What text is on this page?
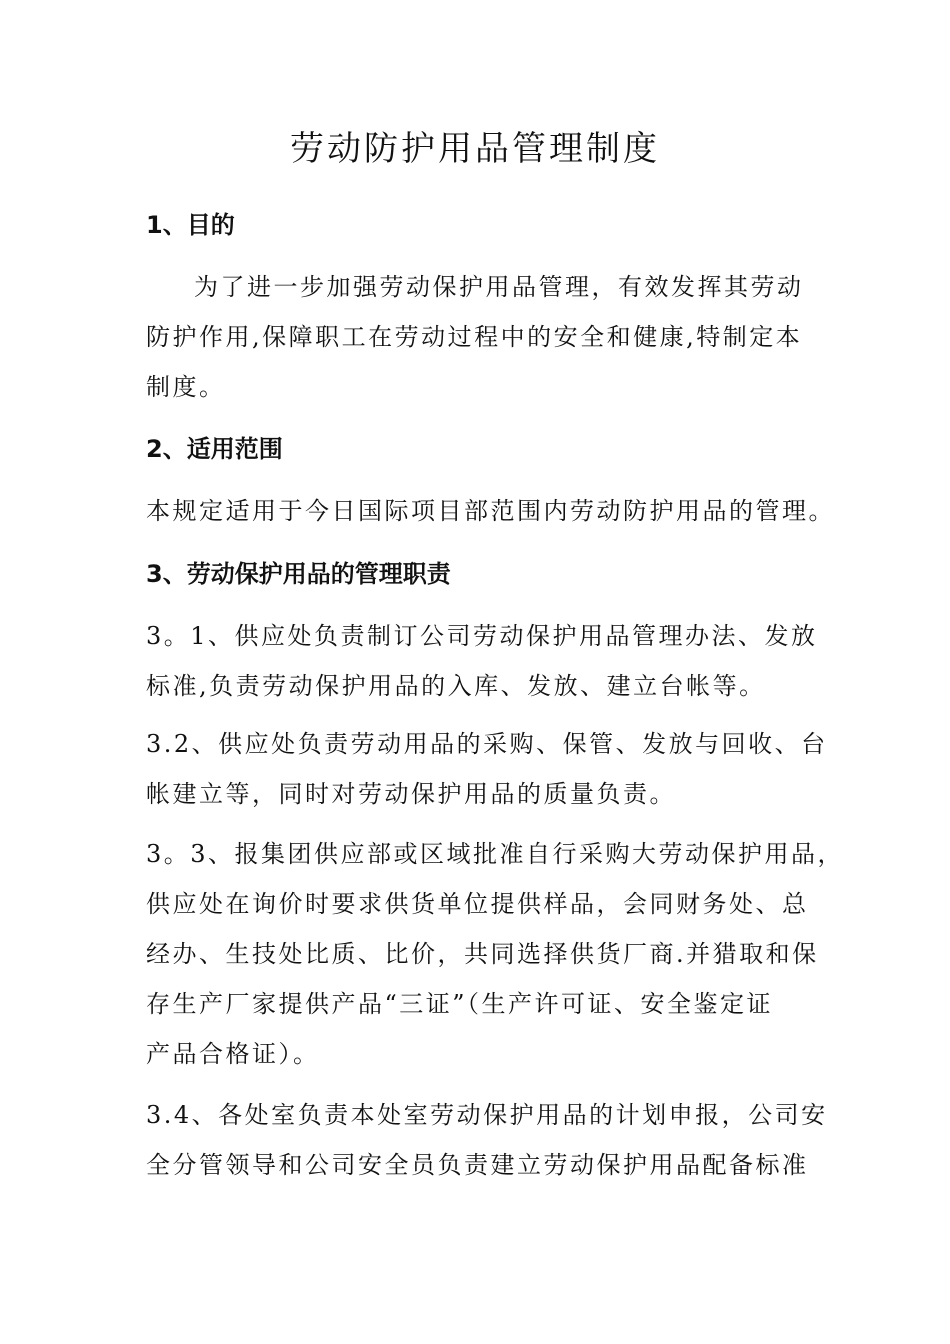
劳动防护用品管理制度
1、目的
为了进一步加强劳动保护用品管理，有效发挥其劳动
防护作用,保障职工在劳动过程中的安全和健康,特制定本
制度。
2、适用范围
本规定适用于今日国际项目部范围内劳动防护用品的管理。
3、劳动保护用品的管理职责
3。1、供应处负责制订公司劳动保护用品管理办法、发放
标准,负责劳动保护用品的入库、发放、建立台帐等。
3.2、供应处负责劳动用品的采购、保管、发放与回收、台
帐建立等，同时对劳动保护用品的质量负责。
3。3、报集团供应部或区域批准自行采购大劳动保护用品，
供应处在询价时要求供货单位提供样品，会同财务处、总
经办、生技处比质、比价，共同选择供货厂商.并猎取和保
存生产厂家提供产品“三证”（生产许可证、安全鉴定证
产品合格证）。
3.4、各处室负责本处室劳动保护用品的计划申报，公司安
全分管领导和公司安全员负责建立劳动保护用品配备标准
